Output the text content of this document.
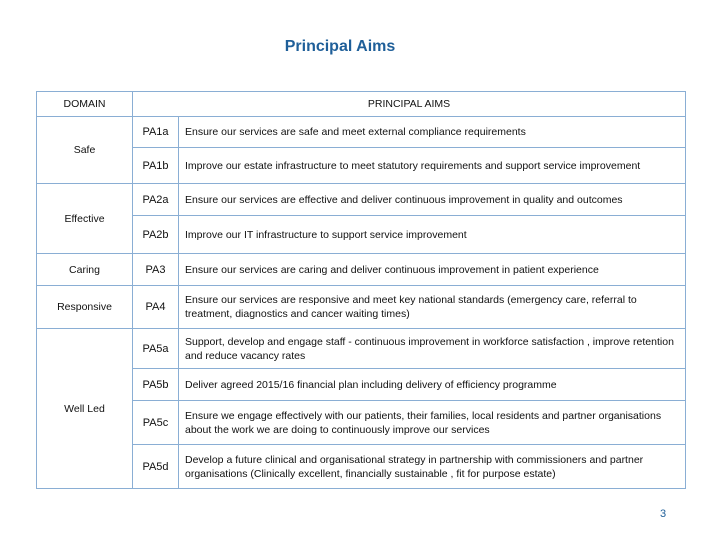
Principal Aims
DOMAIN	PRINCIPAL AIMS	
Safe	PA1a	Ensure our services are safe and meet external compliance requirements
	PA1b	Improve our estate infrastructure to meet statutory requirements and support service improvement
Effective	PA2a	Ensure our services are effective and deliver continuous improvement in quality and outcomes
	PA2b	Improve our IT infrastructure to support service improvement
Caring	PA3	Ensure our services are caring and deliver continuous improvement in patient experience
Responsive	PA4	Ensure our services are responsive and meet key national standards (emergency care, referral to treatment, diagnostics and cancer waiting times)
Well Led	PA5a	Support, develop and engage staff - continuous improvement in workforce satisfaction , improve retention and reduce vacancy rates
	PA5b	Deliver agreed 2015/16 financial plan including delivery of efficiency programme
	PA5c	Ensure we engage effectively with our patients, their families, local residents and partner organisations about the work we are doing to continuously improve our services
	PA5d	Develop a future clinical and organisational strategy in partnership with commissioners and partner organisations (Clinically excellent, financially sustainable , fit for purpose estate)
3
